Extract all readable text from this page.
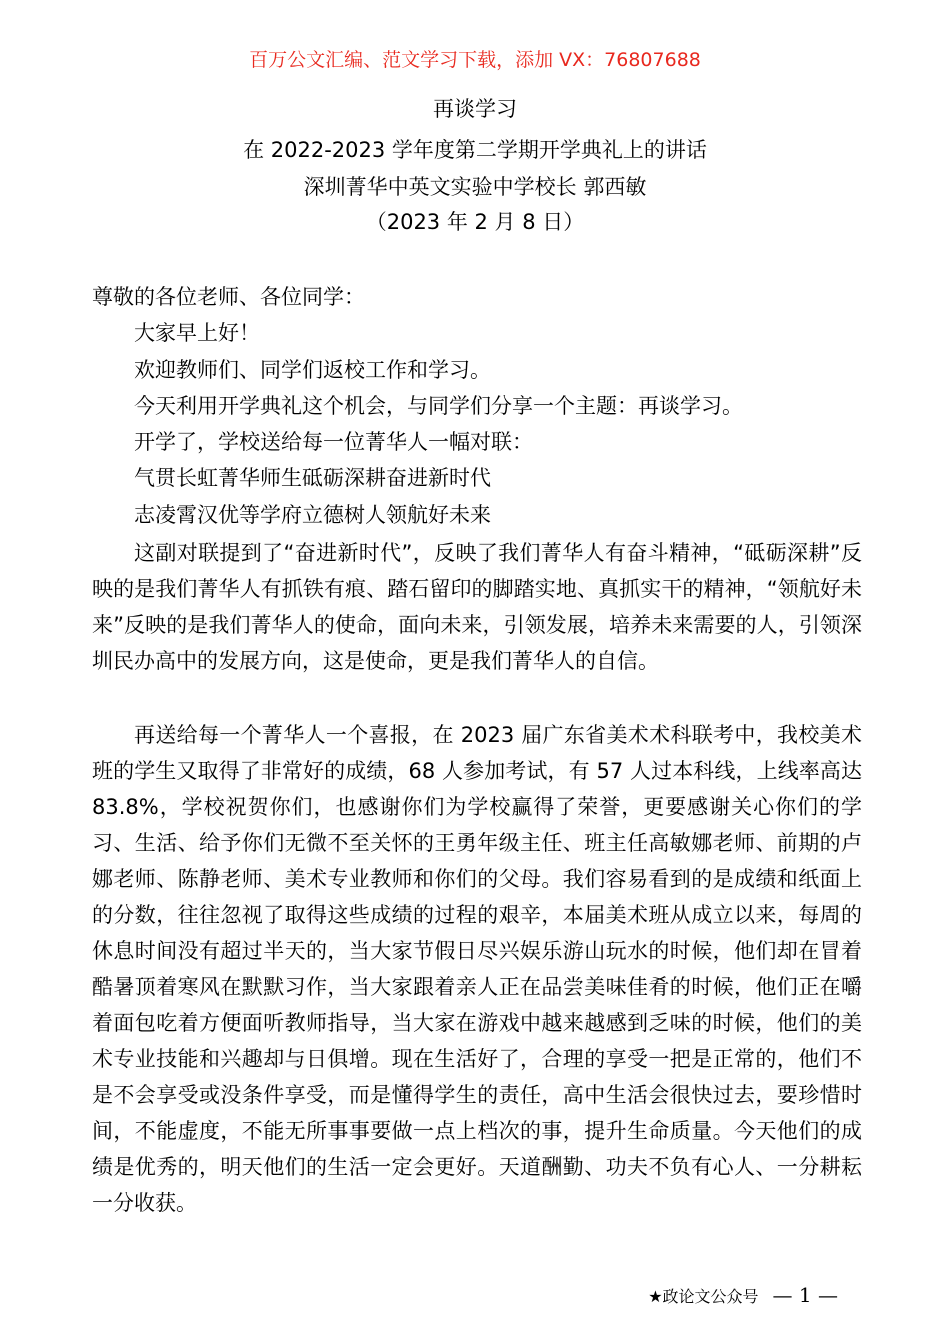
百万公文汇编、范文学习下载，添加 VX：76807688
再谈学习
在 2022-2023 学年度第二学期开学典礼上的讲话
深圳菁华中英文实验中学校长 郭西敏
（2023 年 2 月 8 日）
尊敬的各位老师、各位同学：
大家早上好！
欢迎教师们、同学们返校工作和学习。
今天利用开学典礼这个机会，与同学们分享一个主题：再谈学习。
开学了，学校送给每一位菁华人一幅对联：
气贯长虹菁华师生砥砺深耕奋进新时代
志凌霄汉优等学府立德树人领航好未来
这副对联提到了“奋进新时代”，反映了我们菁华人有奋斗精神，“砥砺深耕”反映的是我们菁华人有抓铁有痕、踏石留印的脚踏实地、真抓实干的精神，“领航好未来”反映的是我们菁华人的使命，面向未来，引领发展，培养未来需要的人，引领深圳民办高中的发展方向，这是使命，更是我们菁华人的自信。
再送给每一个菁华人一个喜报，在 2023 届广东省美术术科联考中，我校美术班的学生又取得了非常好的成绩，68 人参加考试，有 57 人过本科线，上线率高达 83.8%，学校祝贺你们，也感谢你们为学校赢得了荣誉，更要感谢关心你们的学习、生活、给予你们无微不至关怀的王勇年级主任、班主任高敏娜老师、前期的卢娜老师、陈静老师、美术专业教师和你们的父母。我们容易看到的是成绩和纸面上的分数，往往忽视了取得这些成绩的过程的艰辛，本届美术班从成立以来，每周的休息时间没有超过半天的，当大家节假日尽兴娱乐游山玩水的时候，他们却在冒着酷暑顶着寒风在默默习作，当大家跟着亲人正在品尝美味佳肴的时候，他们正在嚼着面包吃着方便面听教师指导，当大家在游戏中越来越感到乏味的时候，他们的美术专业技能和兴趣却与日俱增。现在生活好了，合理的享受一把是正常的，他们不是不会享受或没条件享受，而是懂得学生的责任，高中生活会很快过去，要珍惜时间，不能虚度，不能无所事事要做一点上档次的事，提升生命质量。今天他们的成绩是优秀的，明天他们的生活一定会更好。天道酬勤、功夫不负有心人、一分耕耘一分收获。
★政论文公众号 — 1 —
